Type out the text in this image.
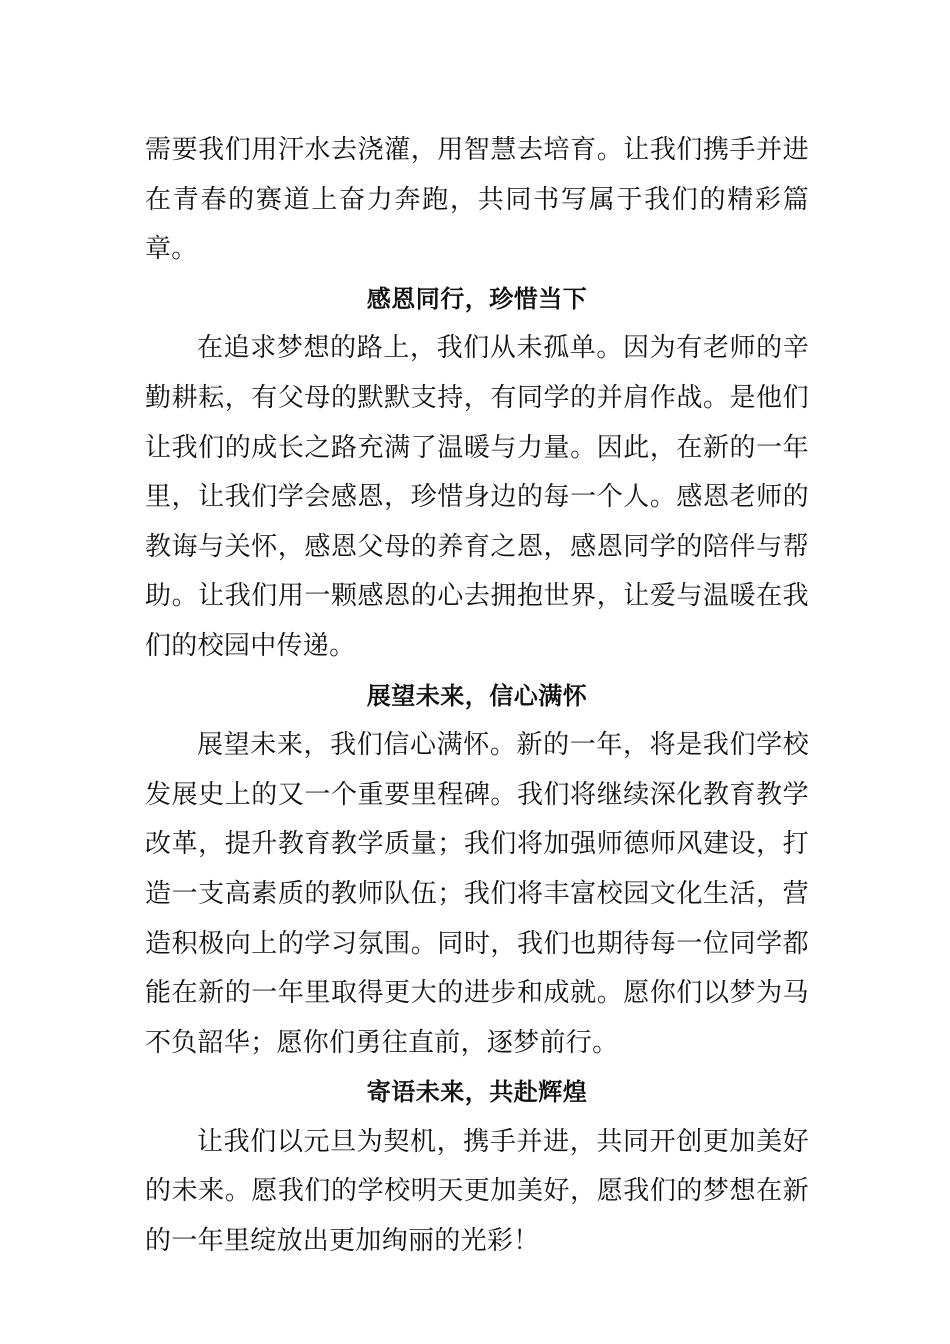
需要我们用汗水去浇灌，用智慧去培育。让我们携手并进在青春的赛道上奋力奔跑，共同书写属于我们的精彩篇章。

感恩同行，珍惜当下

在追求梦想的路上，我们从未孤单。因为有老师的辛勤耕耘，有父母的默默支持，有同学的并肩作战。是他们让我们的成长之路充满了温暖与力量。因此，在新的一年里，让我们学会感恩，珍惜身边的每一个人。感恩老师的教诲与关怀，感恩父母的养育之恩，感恩同学的陪伴与帮助。让我们用一颗感恩的心去拥抱世界，让爱与温暖在我们的校园中传递。

展望未来，信心满怀

展望未来，我们信心满怀。新的一年，将是我们学校发展史上的又一个重要里程碑。我们将继续深化教育教学改革，提升教育教学质量；我们将加强师德师风建设，打造一支高素质的教师队伍；我们将丰富校园文化生活，营造积极向上的学习氛围。同时，我们也期待每一位同学都能在新的一年里取得更大的进步和成就。愿你们以梦为马不负韶华；愿你们勇往直前，逐梦前行。

寄语未来，共赴辉煌

让我们以元旦为契机，携手并进，共同开创更加美好的未来。愿我们的学校明天更加美好，愿我们的梦想在新的一年里绽放出更加绚丽的光彩！
